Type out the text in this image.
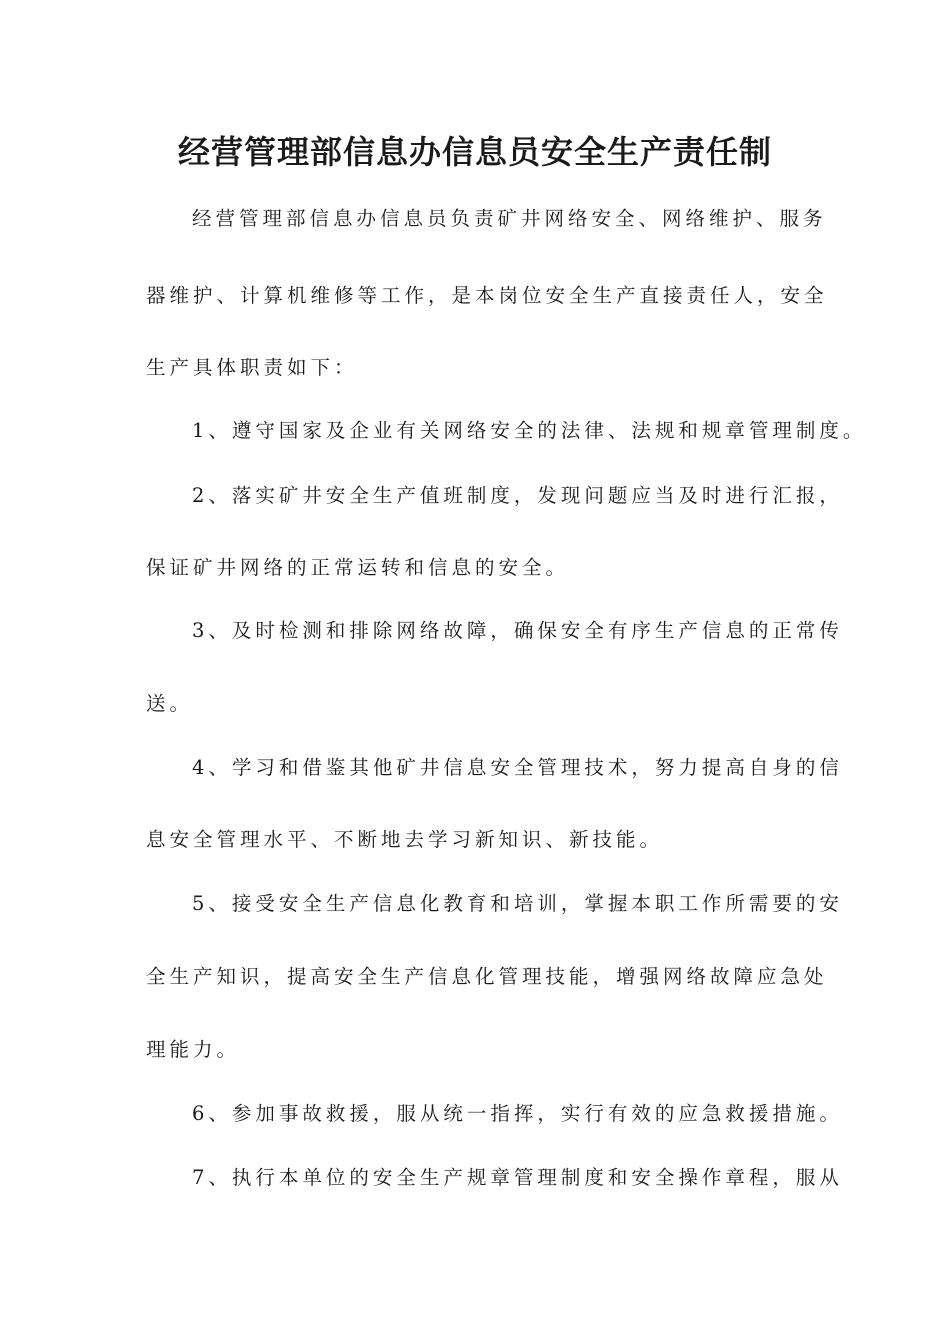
经营管理部信息办信息员安全生产责任制

经营管理部信息办信息员负责矿井网络安全、网络维护、服务

器维护、计算机维修等工作，是本岗位安全生产直接责任人，安全

生产具体职责如下：

1、遵守国家及企业有关网络安全的法律、法规和规章管理制度。

2、落实矿井安全生产值班制度，发现问题应当及时进行汇报，

保证矿井网络的正常运转和信息的安全。

3、及时检测和排除网络故障，确保安全有序生产信息的正常传

送。

4、学习和借鉴其他矿井信息安全管理技术，努力提高自身的信

息安全管理水平、不断地去学习新知识、新技能。

5、接受安全生产信息化教育和培训，掌握本职工作所需要的安

全生产知识，提高安全生产信息化管理技能，增强网络故障应急处

理能力。

6、参加事故救援，服从统一指挥，实行有效的应急救援措施。

7、执行本单位的安全生产规章管理制度和安全操作章程，服从
